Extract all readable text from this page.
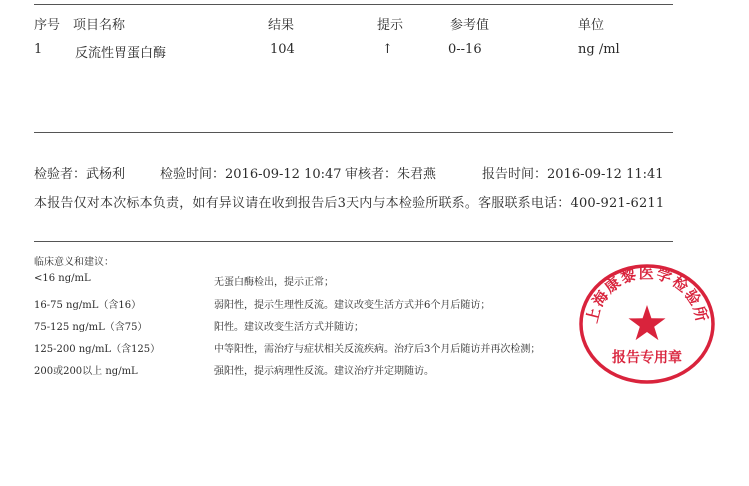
序号 项目名称	结果	提示	参考值	单位
1	反流性胃蛋白酶	104	↑	0--16	ng /ml
检验者：武杨利	检验时间：2016-09-12 10:47 审核者：朱君燕	报告时间：2016-09-12 11:41
本报告仅对本次标本负责，如有异议请在收到报告后3天内与本检验所联系。客服联系电话：400-921-6211
临床意义和建议：
<16 ng/mL	无蛋白酶检出，提示正常；
16-75 ng/mL（含16）	弱阳性，提示生理性反流。建议改变生活方式并6个月后随访；
75-125 ng/mL（含75）	阳性。建议改变生活方式并随访；
125-200 ng/mL（含125）	中等阳性，需治疗与症状相关反流疾病。治疗后3个月后随访并再次检测；
200或200以上 ng/mL	强阳性，提示病理性反流。建议治疗并定期随访。
上海康黎医学检验所
报告专用章
